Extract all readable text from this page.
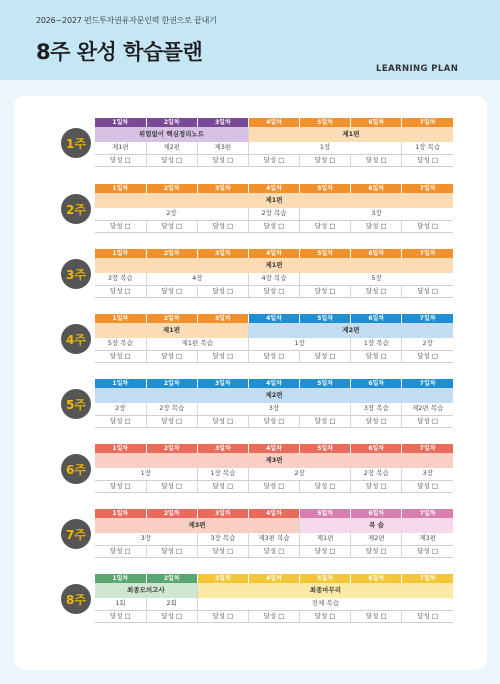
2026~2027 펀드투자권유자문인력 한권으로 끝내기
8주 완성 학습플랜
LEARNING PLAN
1주
1일차	2일차	3일차	4일차	5일차	6일차	7일차
위험없이 핵심정리노트			제1편			
제1편	제2편	제3편	1장			1장 복습
달성 □	달성 □	달성 □	달성 □	달성 □	달성 □	달성 □
2주
1일차	2일차	3일차	4일차	5일차	6일차	7일차
제1편						
2장			2장 복습	3장		
달성 □	달성 □	달성 □	달성 □	달성 □	달성 □	달성 □
3주
1일차	2일차	3일차	4일차	5일차	6일차	7일차
제1편						
3장 복습	4장		4장 복습	5장		
달성 □	달성 □	달성 □	달성 □	달성 □	달성 □	달성 □
4주
1일차	2일차	3일차	4일차	5일차	6일차	7일차
제1편			제2편			
5장 복습	제1편 복습		1장		1장 복습	2장
달성 □	달성 □	달성 □	달성 □	달성 □	달성 □	달성 □
5주
1일차	2일차	3일차	4일차	5일차	6일차	7일차
제2편						
2장	2장 복습	3장			3장 복습	제2편 복습
달성 □	달성 □	달성 □	달성 □	달성 □	달성 □	달성 □
6주
1일차	2일차	3일차	4일차	5일차	6일차	7일차
제3편						
1장		1장 복습	2장		2장 복습	3장
달성 □	달성 □	달성 □	달성 □	달성 □	달성 □	달성 □
7주
1일차	2일차	3일차	4일차	5일차	6일차	7일차
제3편				복 습		
3장		3장 복습	제3편 복습	제1편	제2편	제3편
달성 □	달성 □	달성 □	달성 □	달성 □	달성 □	달성 □
8주
1일차	2일차	3일차	4일차	5일차	6일차	7일차
최종모의고사		최종마무리				
1회	2회	전체 복습				
달성 □	달성 □	달성 □	달성 □	달성 □	달성 □	달성 □
